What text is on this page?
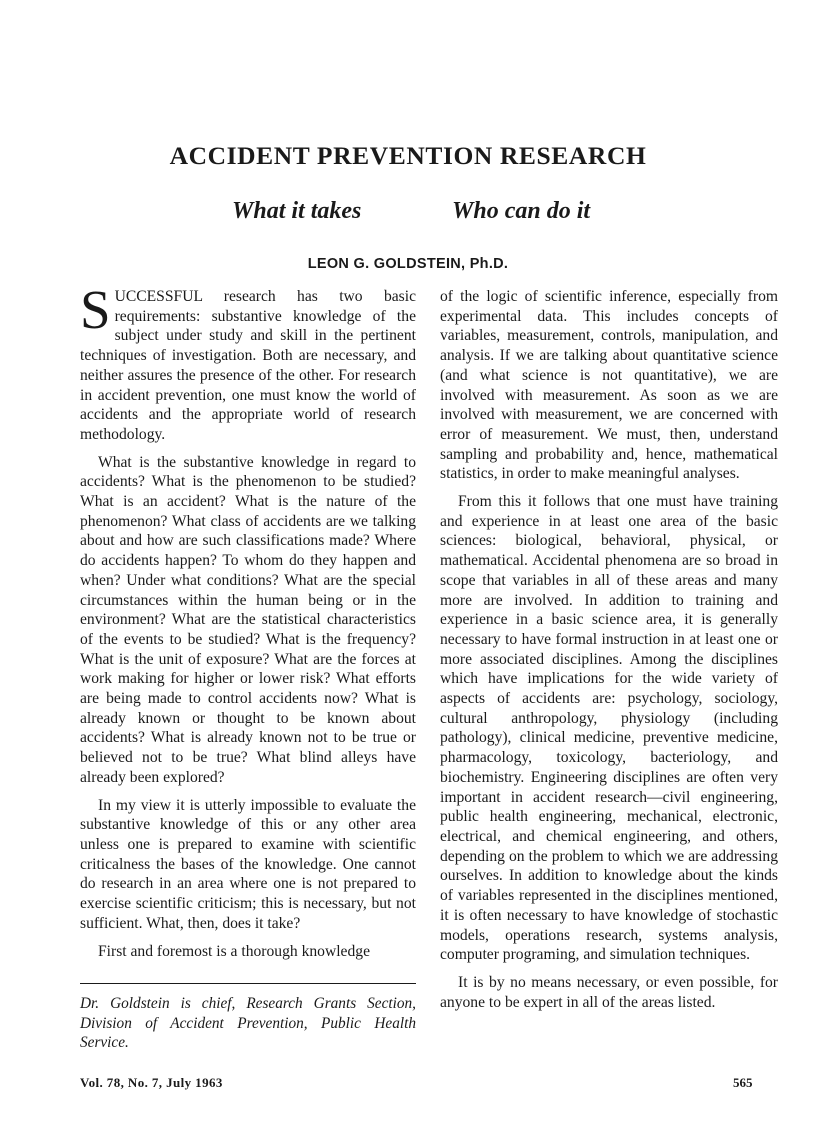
ACCIDENT PREVENTION RESEARCH
What it takes	Who can do it
LEON G. GOLDSTEIN, Ph.D.

SUCCESSFUL research has two basic requirements: substantive knowledge of the subject under study and skill in the pertinent techniques of investigation. Both are necessary, and neither assures the presence of the other. For research in accident prevention, one must know the world of accidents and the appropriate world of research methodology.

What is the substantive knowledge in regard to accidents? What is the phenomenon to be studied? What is an accident? What is the nature of the phenomenon? What class of accidents are we talking about and how are such classifications made? Where do accidents happen? To whom do they happen and when? Under what conditions? What are the special circumstances within the human being or in the environment? What are the statistical characteristics of the events to be studied? What is the frequency? What is the unit of exposure? What are the forces at work making for higher or lower risk? What efforts are being made to control accidents now? What is already known or thought to be known about accidents? What is already known not to be true or believed not to be true? What blind alleys have already been explored?

In my view it is utterly impossible to evaluate the substantive knowledge of this or any other area unless one is prepared to examine with scientific criticalness the bases of the knowledge. One cannot do research in an area where one is not prepared to exercise scientific criticism; this is necessary, but not sufficient. What, then, does it take?

First and foremost is a thorough knowledge

Dr. Goldstein is chief, Research Grants Section, Division of Accident Prevention, Public Health Service.

of the logic of scientific inference, especially from experimental data. This includes concepts of variables, measurement, controls, manipulation, and analysis. If we are talking about quantitative science (and what science is not quantitative), we are involved with measurement. As soon as we are involved with measurement, we are concerned with error of measurement. We must, then, understand sampling and probability and, hence, mathematical statistics, in order to make meaningful analyses.

From this it follows that one must have training and experience in at least one area of the basic sciences: biological, behavioral, physical, or mathematical. Accidental phenomena are so broad in scope that variables in all of these areas and many more are involved. In addition to training and experience in a basic science area, it is generally necessary to have formal instruction in at least one or more associated disciplines. Among the disciplines which have implications for the wide variety of aspects of accidents are: psychology, sociology, cultural anthropology, physiology (including pathology), clinical medicine, preventive medicine, pharmacology, toxicology, bacteriology, and biochemistry. Engineering disciplines are often very important in accident research—civil engineering, public health engineering, mechanical, electronic, electrical, and chemical engineering, and others, depending on the problem to which we are addressing ourselves. In addition to knowledge about the kinds of variables represented in the disciplines mentioned, it is often necessary to have knowledge of stochastic models, operations research, systems analysis, computer programing, and simulation techniques.

It is by no means necessary, or even possible, for anyone to be expert in all of the areas listed.

Vol. 78, No. 7, July 1963	565
